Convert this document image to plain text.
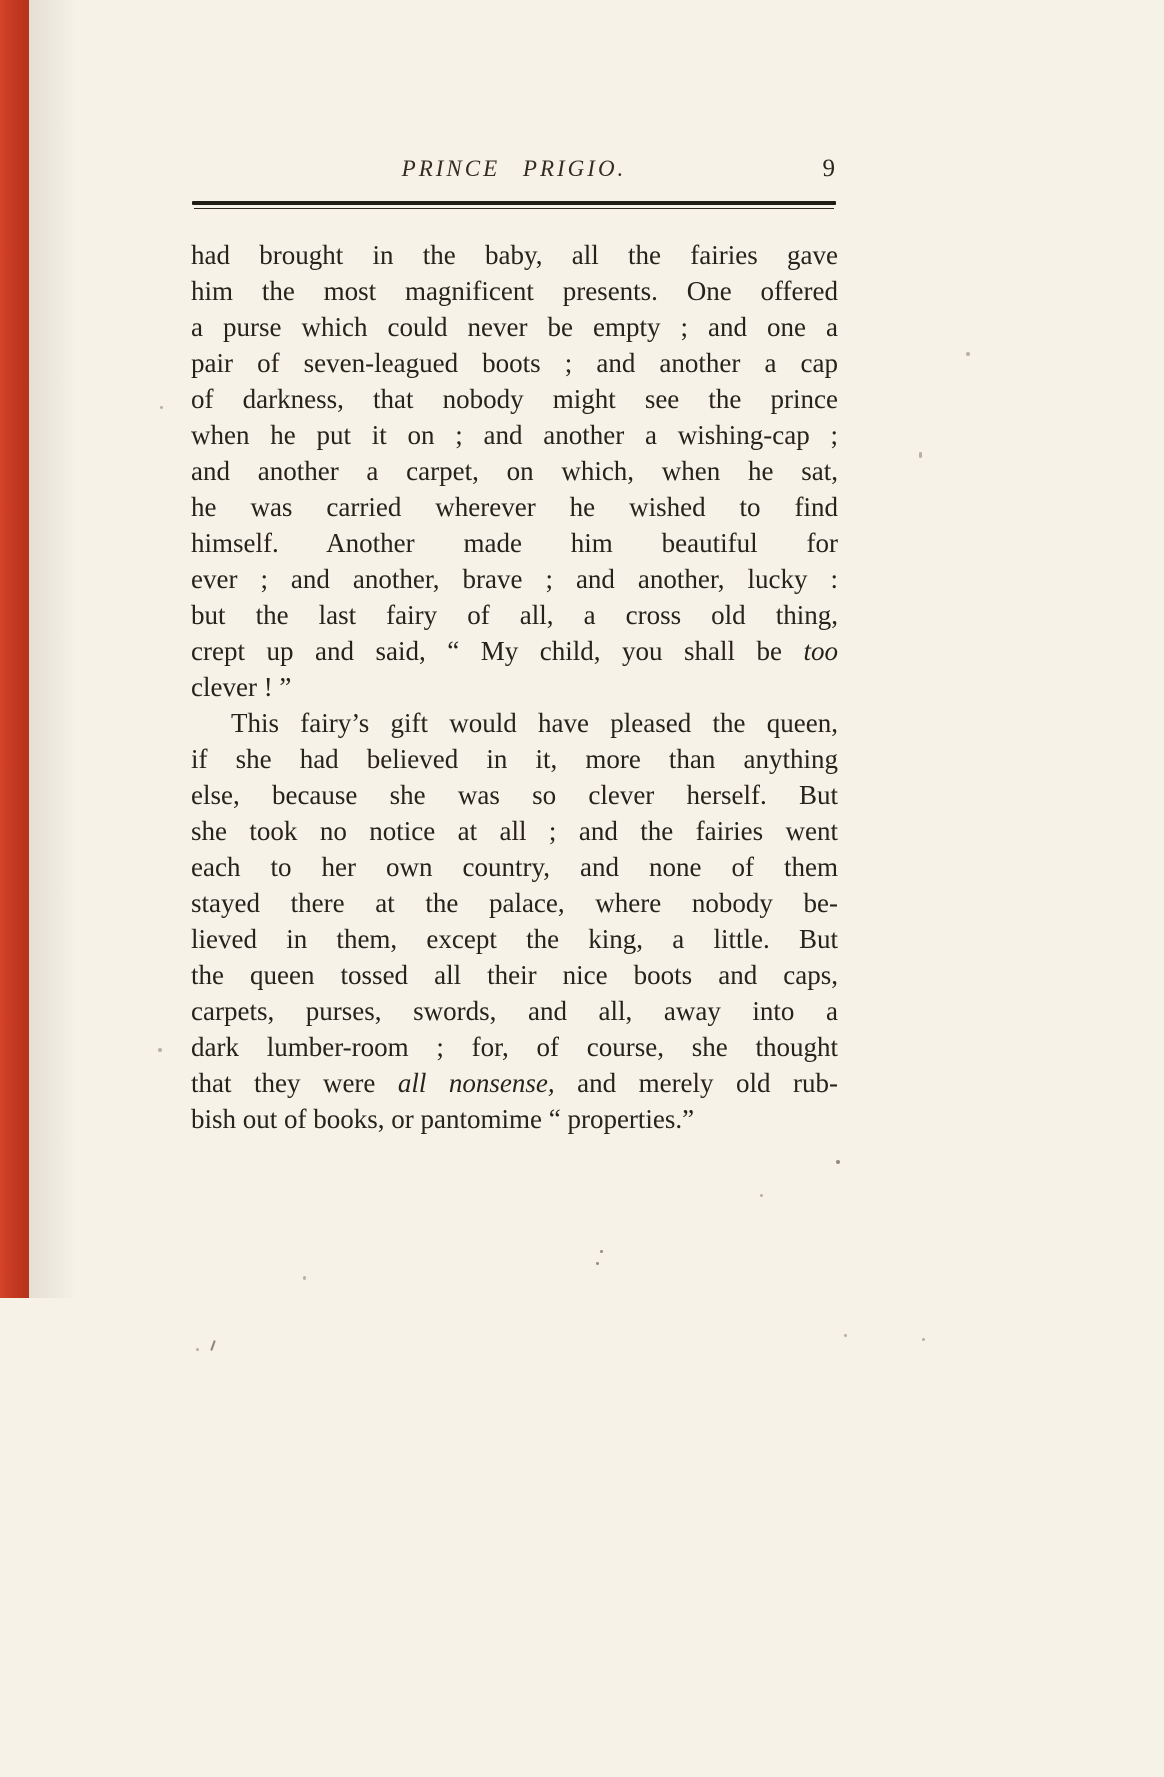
PRINCE PRIGIO.	9
had brought in the baby, all the fairies gave
him the most magnificent presents. One offered
a purse which could never be empty ; and one a
pair of seven-leagued boots ; and another a cap
of darkness, that nobody might see the prince
when he put it on ; and another a wishing-cap ;
and another a carpet, on which, when he sat,
he was carried wherever he wished to find
himself. Another made him beautiful for
ever ; and another, brave ; and another, lucky :
but the last fairy of all, a cross old thing,
crept up and said, “ My child, you shall be too
clever ! ”
This fairy’s gift would have pleased the queen,
if she had believed in it, more than anything
else, because she was so clever herself. But
she took no notice at all ; and the fairies went
each to her own country, and none of them
stayed there at the palace, where nobody be-
lieved in them, except the king, a little. But
the queen tossed all their nice boots and caps,
carpets, purses, swords, and all, away into a
dark lumber-room ; for, of course, she thought
that they were all nonsense, and merely old rub-
bish out of books, or pantomime “ properties.”
